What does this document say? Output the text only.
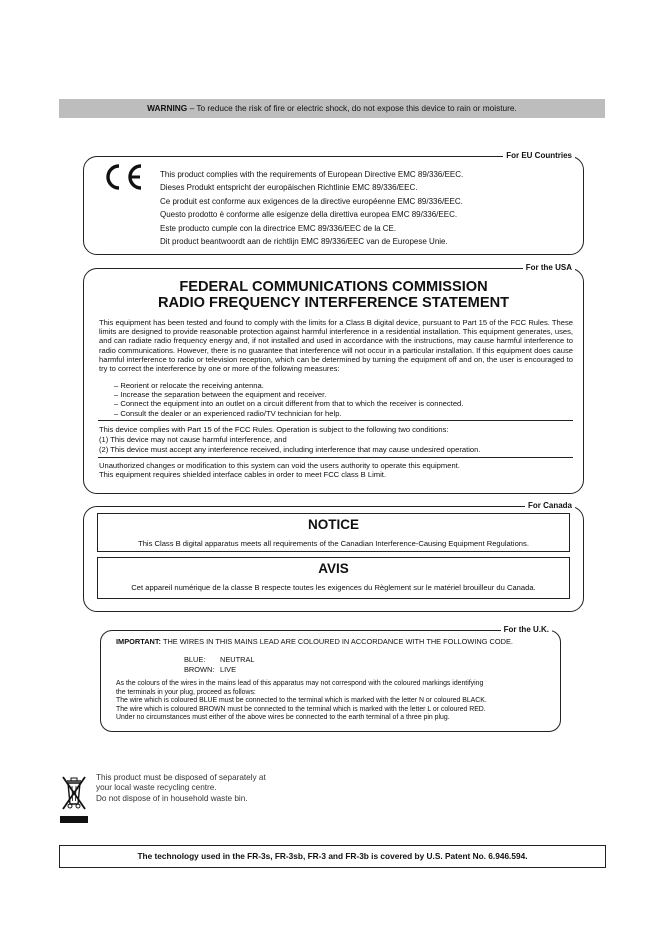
WARNING – To reduce the risk of fire or electric shock, do not expose this device to rain or moisture.
For EU Countries
This product complies with the requirements of European Directive EMC 89/336/EEC.
Dieses Produkt entspricht der europäischen Richtlinie EMC 89/336/EEC.
Ce produit est conforme aux exigences de la directive européenne EMC 89/336/EEC.
Questo prodotto è conforme alle esigenze della direttiva europea EMC 89/336/EEC.
Este producto cumple con la directrice EMC 89/336/EEC de la CE.
Dit product beantwoordt aan de richtlijn EMC 89/336/EEC van de Europese Unie.
For the USA
FEDERAL COMMUNICATIONS COMMISSION
RADIO FREQUENCY INTERFERENCE STATEMENT
This equipment has been tested and found to comply with the limits for a Class B digital device, pursuant to Part 15 of the FCC Rules. These limits are designed to provide reasonable protection against harmful interference in a residential installation. This equipment generates, uses, and can radiate radio frequency energy and, if not installed and used in accordance with the instructions, may cause harmful interference to radio communications. However, there is no guarantee that interference will not occur in a particular installation. If this equipment does cause harmful interference to radio or television reception, which can be determined by turning the equipment off and on, the user is encouraged to try to correct the interference by one or more of the following measures:
– Reorient or relocate the receiving antenna.
– Increase the separation between the equipment and receiver.
– Connect the equipment into an outlet on a circuit different from that to which the receiver is connected.
– Consult the dealer or an experienced radio/TV technician for help.
This device complies with Part 15 of the FCC Rules. Operation is subject to the following two conditions:
(1) This device may not cause harmful interference, and
(2) This device must accept any interference received, including interference that may cause undesired operation.
Unauthorized changes or modification to this system can void the users authority to operate this equipment.
This equipment requires shielded interface cables in order to meet FCC class B Limit.
For Canada
NOTICE
This Class B digital apparatus meets all requirements of the Canadian Interference-Causing Equipment Regulations.
AVIS
Cet appareil numérique de la classe B respecte toutes les exigences du Règlement sur le matériel brouilleur du Canada.
For the U.K.
IMPORTANT: THE WIRES IN THIS MAINS LEAD ARE COLOURED IN ACCORDANCE WITH THE FOLLOWING CODE.
BLUE: NEUTRAL
BROWN: LIVE
As the colours of the wires in the mains lead of this apparatus may not correspond with the coloured markings identifying
the terminals in your plug, proceed as follows:
The wire which is coloured BLUE must be connected to the terminal which is marked with the letter N or coloured BLACK.
The wire which is coloured BROWN must be connected to the terminal which is marked with the letter L or coloured RED.
Under no circumstances must either of the above wires be connected to the earth terminal of a three pin plug.
This product must be disposed of separately at
your local waste recycling centre.
Do not dispose of in household waste bin.
The technology used in the FR-3s, FR-3sb, FR-3 and FR-3b is covered by U.S. Patent No. 6.946.594.
